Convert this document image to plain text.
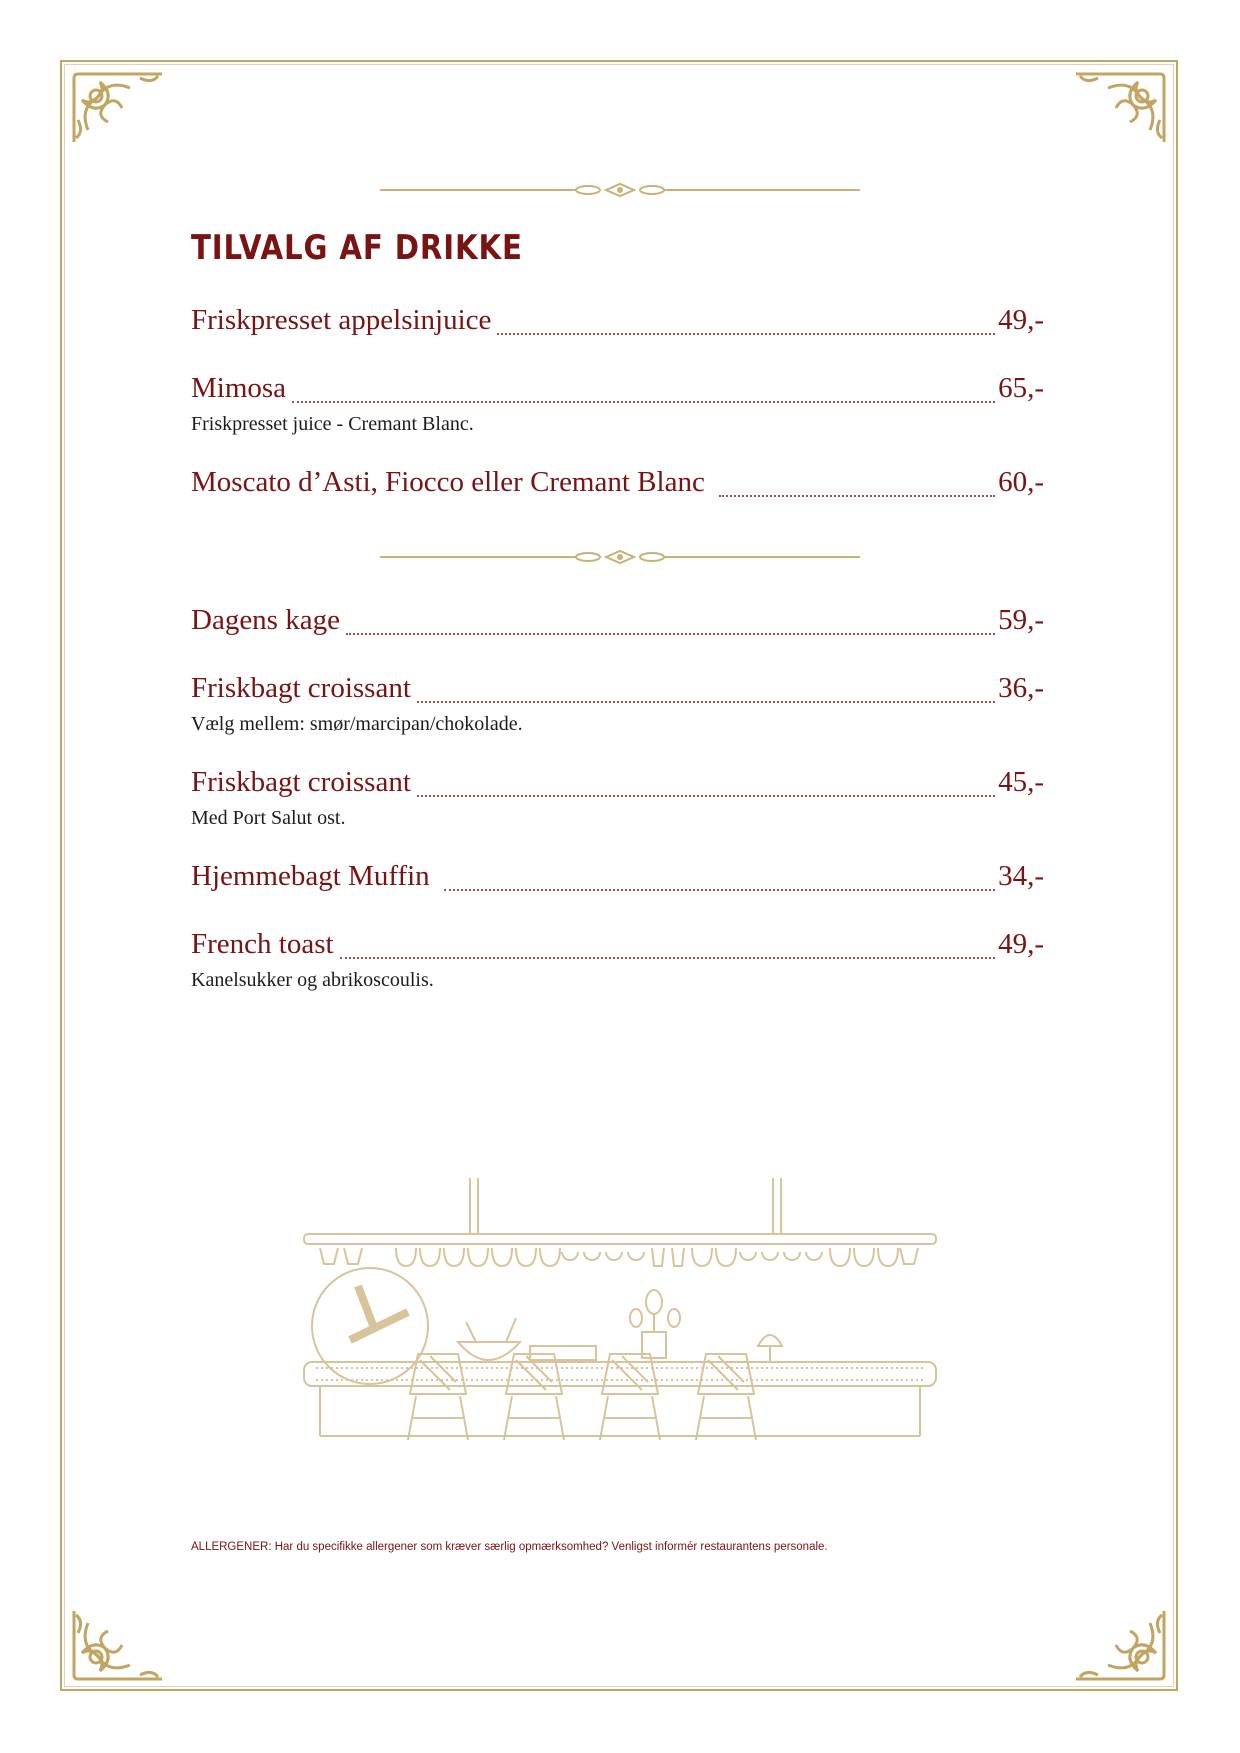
TILVALG AF DRIKKE
Friskpresset appelsinjuice	49,-
Mimosa	65,-
Friskpresset juice - Cremant Blanc.
Moscato d’Asti, Fiocco eller Cremant Blanc	60,-
Dagens kage	59,-
Friskbagt croissant	36,-
Vælg mellem: smør/marcipan/chokolade.
Friskbagt croissant	45,-
Med Port Salut ost.
Hjemmebagt Muffin	34,-
French toast	49,-
Kanelsukker og abrikoscoulis.
ALLERGENER: Har du specifikke allergener som kræver særlig opmærksomhed? Venligst informér restaurantens personale.
